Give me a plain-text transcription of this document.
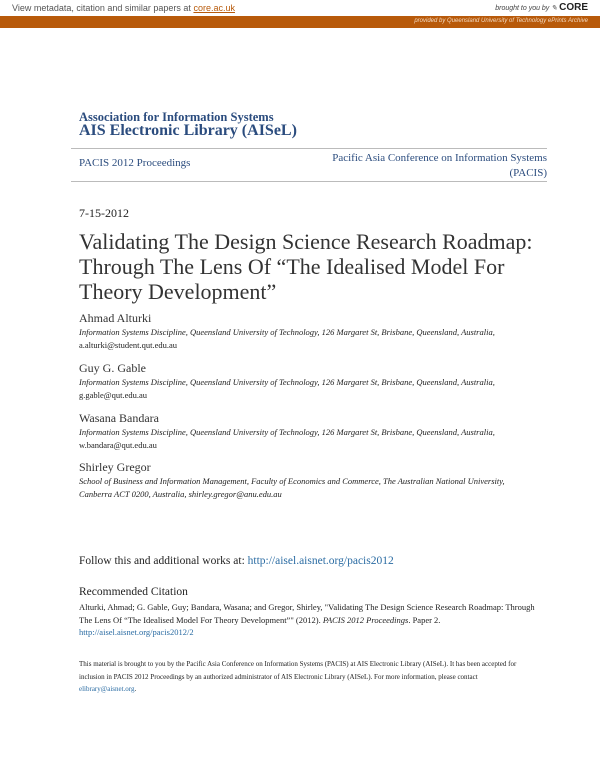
View metadata, citation and similar papers at core.ac.uk	brought to you by ✎ CORE
provided by Queensland University of Technology ePrints Archive
Association for Information Systems
AIS Electronic Library (AISeL)
PACIS 2012 Proceedings	Pacific Asia Conference on Information Systems
(PACIS)
7-15-2012
Validating The Design Science Research Roadmap:
Through The Lens Of “The Idealised Model For
Theory Development”
Ahmad Alturki
Information Systems Discipline, Queensland University of Technology, 126 Margaret St, Brisbane, Queensland, Australia,
a.alturki@student.qut.edu.au
Guy G. Gable
Information Systems Discipline, Queensland University of Technology, 126 Margaret St, Brisbane, Queensland, Australia,
g.gable@qut.edu.au
Wasana Bandara
Information Systems Discipline, Queensland University of Technology, 126 Margaret St, Brisbane, Queensland, Australia,
w.bandara@qut.edu.au
Shirley Gregor
School of Business and Information Management, Faculty of Economics and Commerce, The Australian National University,
Canberra ACT 0200, Australia, shirley.gregor@anu.edu.au
Follow this and additional works at: http://aisel.aisnet.org/pacis2012
Recommended Citation
Alturki, Ahmad; G. Gable, Guy; Bandara, Wasana; and Gregor, Shirley, "Validating The Design Science Research Roadmap: Through The Lens Of “The Idealised Model For Theory Development”" (2012). PACIS 2012 Proceedings. Paper 2.
http://aisel.aisnet.org/pacis2012/2
This material is brought to you by the Pacific Asia Conference on Information Systems (PACIS) at AIS Electronic Library (AISeL). It has been accepted for inclusion in PACIS 2012 Proceedings by an authorized administrator of AIS Electronic Library (AISeL). For more information, please contact elibrary@aisnet.org.
